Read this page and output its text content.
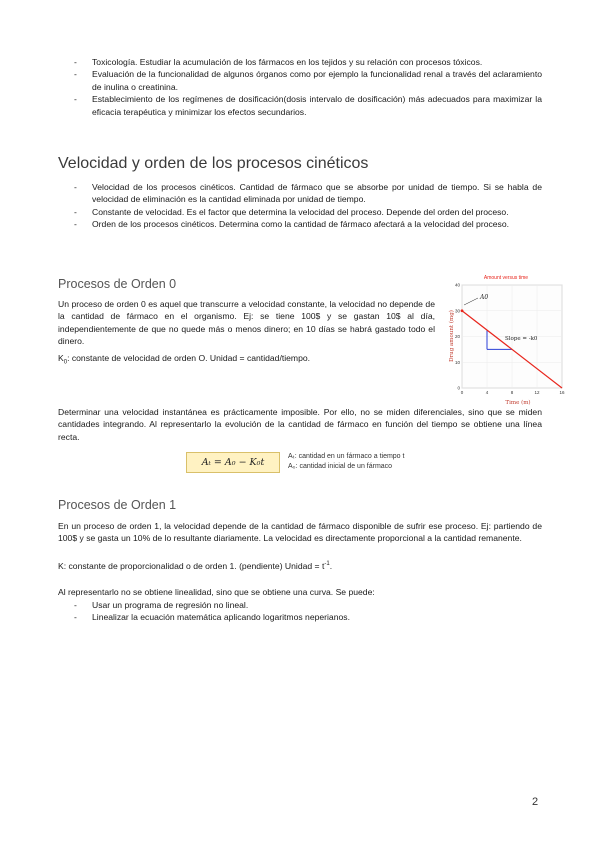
- Toxicología. Estudiar la acumulación de los fármacos en los tejidos y su relación con procesos tóxicos.
- Evaluación de la funcionalidad de algunos órganos como por ejemplo la funcionalidad renal a través del aclaramiento de inulina o creatinina.
- Establecimiento de los regímenes de dosificación(dosis intervalo de dosificación) más adecuados para maximizar la eficacia terapéutica y minimizar los efectos secundarios.
Velocidad y orden de los procesos cinéticos
- Velocidad de los procesos cinéticos. Cantidad de fármaco que se absorbe por unidad de tiempo. Si se habla de velocidad de eliminación es la cantidad eliminada por unidad de tiempo.
- Constante de velocidad. Es el factor que determina la velocidad del proceso. Depende del orden del proceso.
- Orden de los procesos cinéticos. Determina como la cantidad de fármaco afectará a la velocidad del proceso.
Procesos de Orden 0

Un proceso de orden 0 es aquel que transcurre a velocidad constante, la velocidad no depende de la cantidad de fármaco en el organismo. Ej: se tiene 100$ y se gastan 10$ al día, independientemente de que no quede más o menos dinero; en 10 días se habrá gastado todo el dinero.

$K_0$: constante de velocidad de orden O. Unidad = cantidad/tiempo.

Amount versus time
0	4	8	12	16
0
10
20
30
40
A0
Slope = -k0
Time (m)
Drug amount (mg)

Determinar una velocidad instantánea es prácticamente imposible. Por ello, no se miden diferenciales, sino que se miden cantidades integrando. Al representarlo la evolución de la cantidad de fármaco en función del tiempo se obtiene una línea recta.

Aₜ = A₀ − K₀t
Aₜ: cantidad en un fármaco a tiempo t
A₀: cantidad inicial de un fármaco
Procesos de Orden 1

En un proceso de orden 1, la velocidad depende de la cantidad de fármaco disponible de sufrir ese proceso. Ej: partiendo de 100$ y se gasta un 10% de lo resultante diariamente. La velocidad es directamente proporcional a la cantidad remanente.

K: constante de proporcionalidad o de orden 1. (pendiente) Unidad = $t^{-1}$.

Al representarlo no se obtiene linealidad, sino que se obtiene una curva. Se puede:

- Usar un programa de regresión no lineal.
- Linealizar la ecuación matemática aplicando logaritmos neperianos.
2
